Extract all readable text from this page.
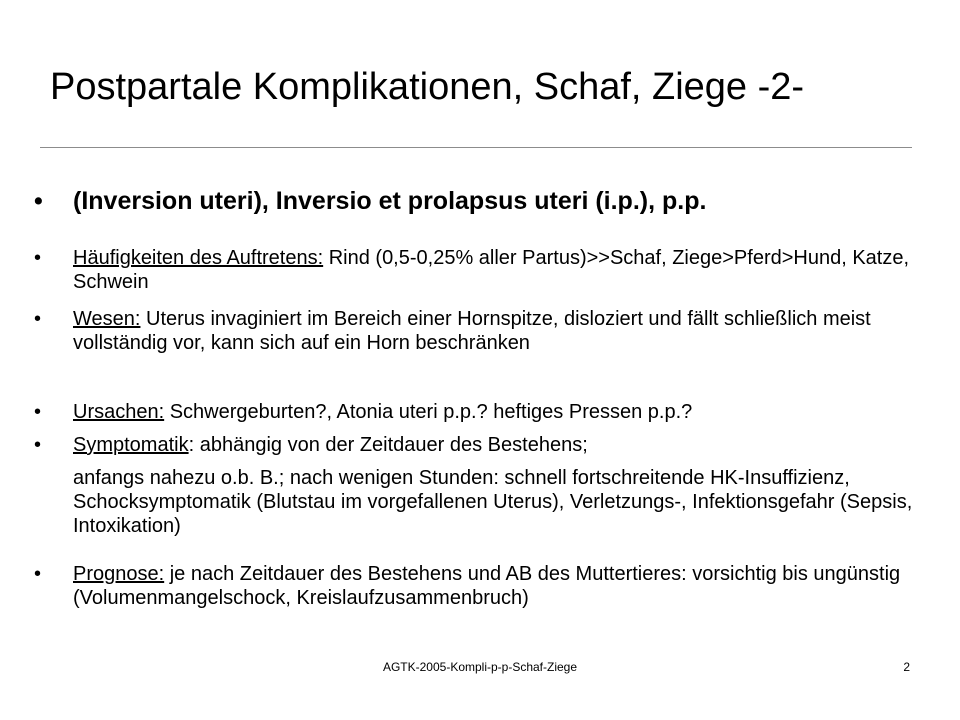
Postpartale Komplikationen, Schaf, Ziege -2-
• (Inversion uteri), Inversio et prolapsus uteri (i.p.), p.p.
• Häufigkeiten des Auftretens: Rind (0,5-0,25% aller Partus)>>Schaf, Ziege>Pferd>Hund, Katze, Schwein
• Wesen: Uterus invaginiert im Bereich einer Hornspitze, disloziert und fällt schließlich meist vollständig vor, kann sich auf ein Horn beschränken
• Ursachen: Schwergeburten?, Atonia uteri p.p.? heftiges Pressen p.p.?
• Symptomatik: abhängig von der Zeitdauer des Bestehens;
• Prognose: je nach Zeitdauer des Bestehens und AB des Muttertieres: vorsichtig bis ungünstig (Volumenmangelschock, Kreislaufzusammenbruch)
anfangs nahezu o.b. B.; nach wenigen Stunden: schnell fortschreitende HK-Insuffizienz, Schocksymptomatik (Blutstau im vorgefallenen Uterus), Verletzungs-, Infektionsgefahr (Sepsis, Intoxikation)
AGTK-2005-Kompli-p-p-Schaf-Ziege	2
